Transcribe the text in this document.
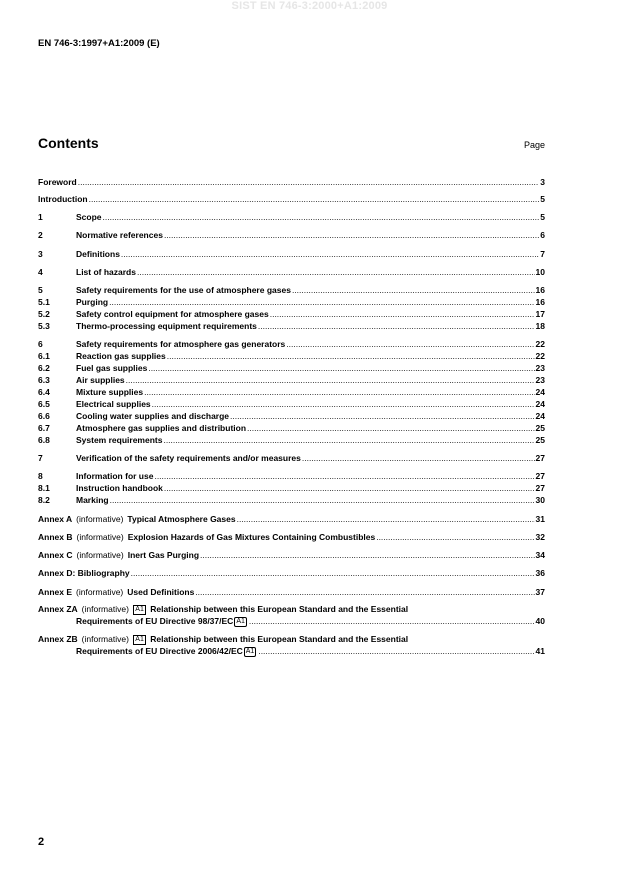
SIST EN 746-3:2000+A1:2009
EN 746-3:1997+A1:2009 (E)
Contents	Page
Foreword .....	3
Introduction .....	5
1	Scope .....	5
2	Normative references .....	6
3	Definitions .....	7
4	List of hazards .....	10
5	Safety requirements for the use of atmosphere gases .....	16
5.1	Purging .....	16
5.2	Safety control equipment for atmosphere gases .....	17
5.3	Thermo-processing equipment requirements .....	18
6	Safety requirements for atmosphere gas generators .....	22
6.1	Reaction gas supplies .....	22
6.2	Fuel gas supplies .....	23
6.3	Air supplies .....	23
6.4	Mixture supplies .....	24
6.5	Electrical supplies .....	24
6.6	Cooling water supplies and discharge .....	24
6.7	Atmosphere gas supplies and distribution .....	25
6.8	System requirements .....	25
7	Verification of the safety requirements and/or measures .....	27
8	Information for use .....	27
8.1	Instruction handbook .....	27
8.2	Marking .....	30
Annex A (informative) Typical Atmosphere Gases .....	31
Annex B (informative) Explosion Hazards of Gas Mixtures Containing Combustibles .....	32
Annex C (informative) Inert Gas Purging .....	34
Annex D: Bibliography .....	36
Annex E (informative) Used Definitions .....	37
Annex ZA (informative) A1 Relationship between this European Standard and the Essential
Requirements of EU Directive 98/37/EC A1 .....	40
Annex ZB (informative) A1 Relationship between this European Standard and the Essential
Requirements of EU Directive 2006/42/EC A1 .....	41
2
